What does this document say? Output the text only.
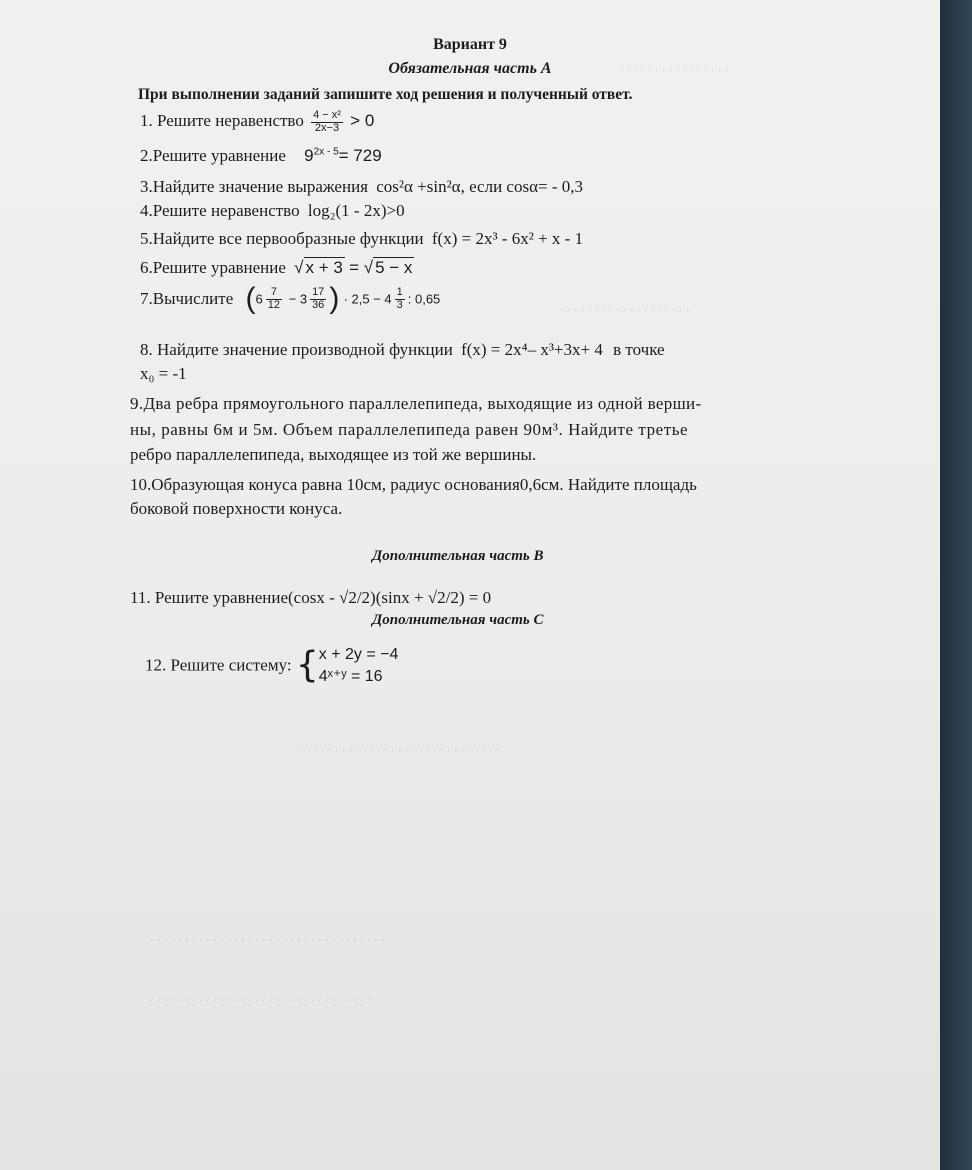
. . . . . . . . . . . . . . . .
. . . . . . . . . . . . . . . . . . .
. . . . . . . . . . . . . . . . . . . . . . . . . . . . .
. . . . . . . . . . . . . . . . . . . . . . . . . . . . . . . . . .
. . . . . . . . . . . . . . . . . . . . . . . . . . . . . . . .
Вариант 9
Обязательная часть А
При выполнении заданий запишите ход решения и полученный ответ.
1. Решите неравенство $\frac{\text{4 − x²}}{2x-3} > 0$
2.Решите уравнение $9^{2x - 5}= 729$
3.Найдите значение выражения cos²α +sin²α, если cosα= - 0,3
4.Решите неравенство log₂(1 - 2x)>0
5.Найдите все первообразные функции f(x) = 2x³ - 6x² + x - 1
6.Решите уравнение √ x + 3 = √ 5 − x
7.Вычислите ($6 \frac{7}{12} - 3 \frac{17}{36}$ ) · $2,5 - 4 \frac{1}{3}$ : 0,65
8. Найдите значение производной функции f(x) = 2x⁴– x³+3x+ 4 в точке
x₀ = -1
9.Два ребра прямоугольного параллелепипеда, выходящие из одной верши-
ны, равны 6м и 5м. Объем параллелепипеда равен 90м³. Найдите третье
ребро параллелепипеда, выходящее из той же вершины.
10.Образующая конуса равна 10см, радиус основания0,6см. Найдите площадь
боковой поверхности конуса.
Дополнительная часть В
11. Решите уравнение(cosx - √2/2)(sinx + √2/2) = 0
Дополнительная часть С
12. Решите систему: { x + 2y = −4
4ˣ⁺ʸ = 16
